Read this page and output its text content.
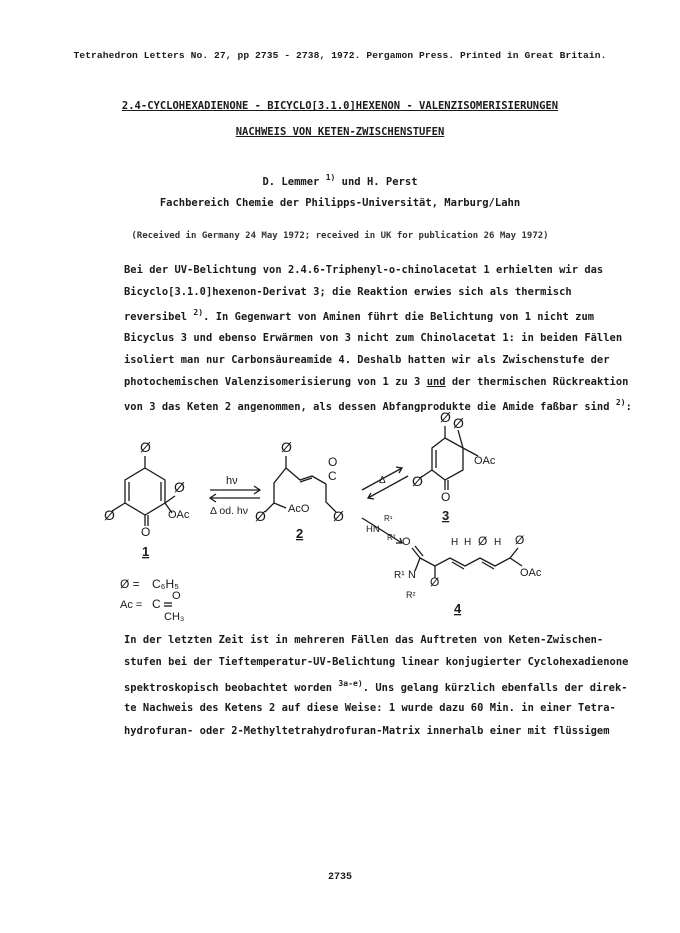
Tetrahedron Letters No. 27, pp 2735 - 2738, 1972. Pergamon Press. Printed in Great Britain.
2.4-CYCLOHEXADIENONE - BICYCLO[3.1.0]HEXENON - VALENZISOMERISIERUNGEN
NACHWEIS VON KETEN-ZWISCHENSTUFEN
D. Lemmer $^{1)}$ und H. Perst
Fachbereich Chemie der Philipps-Universität, Marburg/Lahn
(Received in Germany 24 May 1972; received in UK for publication 26 May 1972)
Bei der UV-Belichtung von 2.4.6-Triphenyl-o-chinolacetat 1 erhielten wir das
Bicyclo[3.1.0]hexenon-Derivat 3; die Reaktion erwies sich als thermisch
reversibel $^{2)}$. In Gegenwart von Aminen führt die Belichtung von 1 nicht zum
Bicyclus 3 und ebenso Erwärmen von 3 nicht zum Chinolacetat 1: in beiden Fällen
isoliert man nur Carbonsäureamide 4. Deshalb hatten wir als Zwischenstufe der
photochemischen Valenzisomerisierung von 1 zu 3 und der thermischen Rückreaktion
von 3 das Keten 2 angenommen, als dessen Abfangprodukte die Amide faßbar sind $^{2)}$:
Ø
Ø
Ø
OAc
O
1
hν
Δ od. hν
Ø
Ø	Ø
C
O
AcO
2
Δ
HN
R¹
R²
Ø Ø
Ø
OAc
O
3
O	H H Ø H Ø
R¹ N
R²
Ø
OAc
4
Ø = C₆H₅
Ac = C
O
CH₃
In der letzten Zeit ist in mehreren Fällen das Auftreten von Keten-Zwischen-
stufen bei der Tieftemperatur-UV-Belichtung linear konjugierter Cyclohexadienone
spektroskopisch beobachtet worden $^{3a-e)}$. Uns gelang kürzlich ebenfalls der direk-
te Nachweis des Ketens 2 auf diese Weise: 1 wurde dazu 60 Min. in einer Tetra-
hydrofuran- oder 2-Methyltetrahydrofuran-Matrix innerhalb einer mit flüssigem
2735
